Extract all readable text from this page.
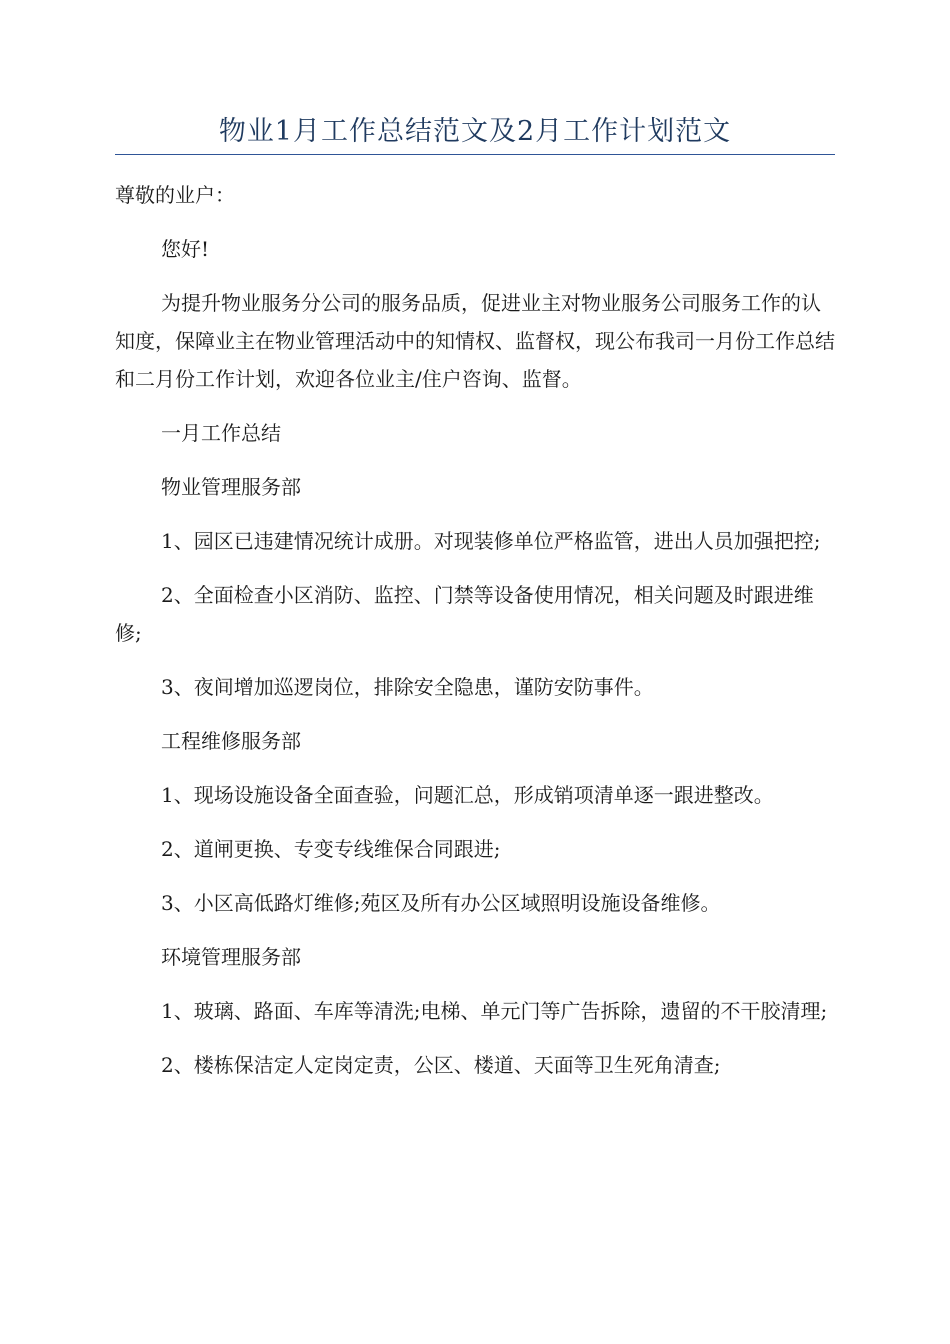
物业1月工作总结范文及2月工作计划范文

尊敬的业户：

您好!

为提升物业服务分公司的服务品质，促进业主对物业服务公司服务工作的认知度，保障业主在物业管理活动中的知情权、监督权，现公布我司一月份工作总结和二月份工作计划，欢迎各位业主/住户咨询、监督。

一月工作总结

物业管理服务部

1、园区已违建情况统计成册。对现装修单位严格监管，进出人员加强把控;

2、全面检查小区消防、监控、门禁等设备使用情况，相关问题及时跟进维修;

3、夜间增加巡逻岗位，排除安全隐患，谨防安防事件。

工程维修服务部

1、现场设施设备全面查验，问题汇总，形成销项清单逐一跟进整改。

2、道闸更换、专变专线维保合同跟进;

3、小区高低路灯维修;苑区及所有办公区域照明设施设备维修。

环境管理服务部

1、玻璃、路面、车库等清洗;电梯、单元门等广告拆除，遗留的不干胶清理;

2、楼栋保洁定人定岗定责，公区、楼道、天面等卫生死角清查;
